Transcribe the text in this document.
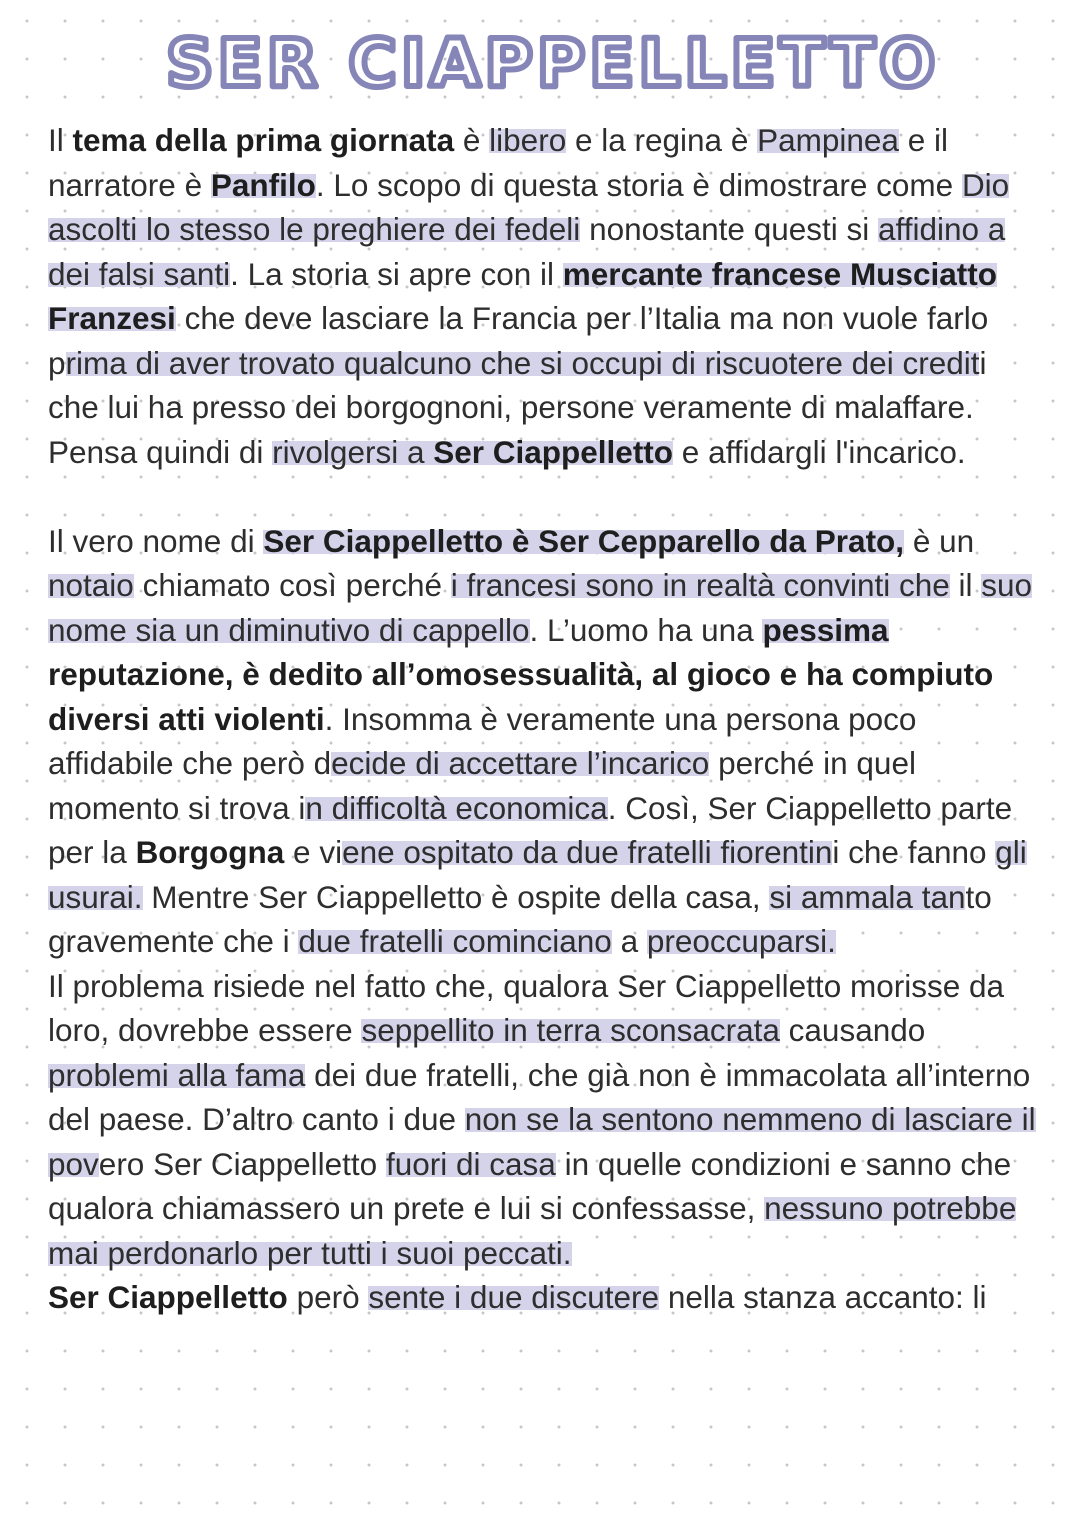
SER CIAPPELLETTO

Il tema della prima giornata è libero e la regina è Pampinea e il narratore è Panfilo. Lo scopo di questa storia è dimostrare come Dio ascolti lo stesso le preghiere dei fedeli nonostante questi si affidino a dei falsi santi. La storia si apre con il mercante francese Musciatto Franzesi che deve lasciare la Francia per l’Italia ma non vuole farlo prima di aver trovato qualcuno che si occupi di riscuotere dei crediti che lui ha presso dei borgognoni, persone veramente di malaffare. Pensa quindi di rivolgersi a Ser Ciappelletto e affidargli l'incarico.

Il vero nome di Ser Ciappelletto è Ser Cepparello da Prato, è un notaio chiamato così perché i francesi sono in realtà convinti che il suo nome sia un diminutivo di cappello. L’uomo ha una pessima reputazione, è dedito all’omosessualità, al gioco e ha compiuto diversi atti violenti. Insomma è veramente una persona poco affidabile che però decide di accettare l’incarico perché in quel momento si trova in difficoltà economica. Così, Ser Ciappelletto parte per la Borgogna e viene ospitato da due fratelli fiorentini che fanno gli usurai. Mentre Ser Ciappelletto è ospite della casa, si ammala tanto gravemente che i due fratelli cominciano a preoccuparsi.

Il problema risiede nel fatto che, qualora Ser Ciappelletto morisse da loro, dovrebbe essere seppellito in terra sconsacrata causando problemi alla fama dei due fratelli, che già non è immacolata all’interno del paese. D’altro canto i due non se la sentono nemmeno di lasciare il povero Ser Ciappelletto fuori di casa in quelle condizioni e sanno che qualora chiamassero un prete e lui si confessasse, nessuno potrebbe mai perdonarlo per tutti i suoi peccati.

Ser Ciappelletto però sente i due discutere nella stanza accanto: li
